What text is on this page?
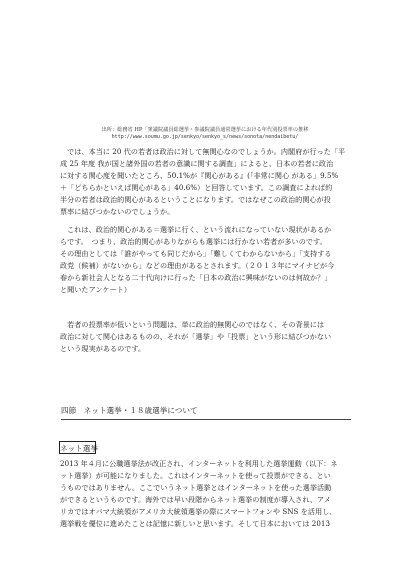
出所：総務省 HP「衆議院議員総選挙・参議院議員通常選挙における年代別投票率の推移
http://www.soumu.go.jp/senkyo/senkyo_s/news/sonota/nendaibetu/

　では、本当に 20 代の若者は政治に対して無関心なのでしょうか。内閣府が行った「平

成 25 年度 我が国と諸外国の若者の意識に関する調査」によると、日本の若者に政治

に対する関心度を聞いたところ、50.1%が『関心がある』(「非常に関心 がある」9.5%

＋「どちらかといえば関心がある」40.6%）と回答しています。この調査によれば約

半分の若者は政治的関心があるということになります。ではなぜこの政治的関心が投

票率に結びつかないのでしょうか。

　これは、政治的関心がある＝選挙に行く、という流れになっていない現状があるか

らです。　つまり、政治的関心がありながらも選挙には行かない若者が多いのです。

その理由としては「誰がやっても同じだから」「難しくてわからないから」「支持する

政党（候補）がないから」などの理由があるとされます。（２０１３年にマイナビが今

春から新社会人となる二十代向けに行った「日本の政治に興味がないのは何故か？」

と聞いたアンケート）

　若者の投票率が低いという問題は、単に政治的無関心のではなく、その背景には

政治に対して関心はあるものの、それが「選挙」や「投票」という形に結びつかない

という現実があるのです。

四節　ネット選挙・１８歳選挙について
ネット選挙

2013 年４月に公職選挙法が改正され、インターネットを利用した選挙運動（以下：ネ

ット選挙）が可能になりました。これはインターネットを使って投票ができる、とい

うものではありません。ここでいうネット選挙とはインターネットを使った選挙活動

ができるというものです。海外では早い段階からネット選挙の制度が導入され、アメ

リカではオバマ大統領がアメリカ大統領選挙の際にスマートフォンや SNS を活用し、

選挙戦を優位に進めたことは記憶に新しいと思います。そして日本においては 2013
